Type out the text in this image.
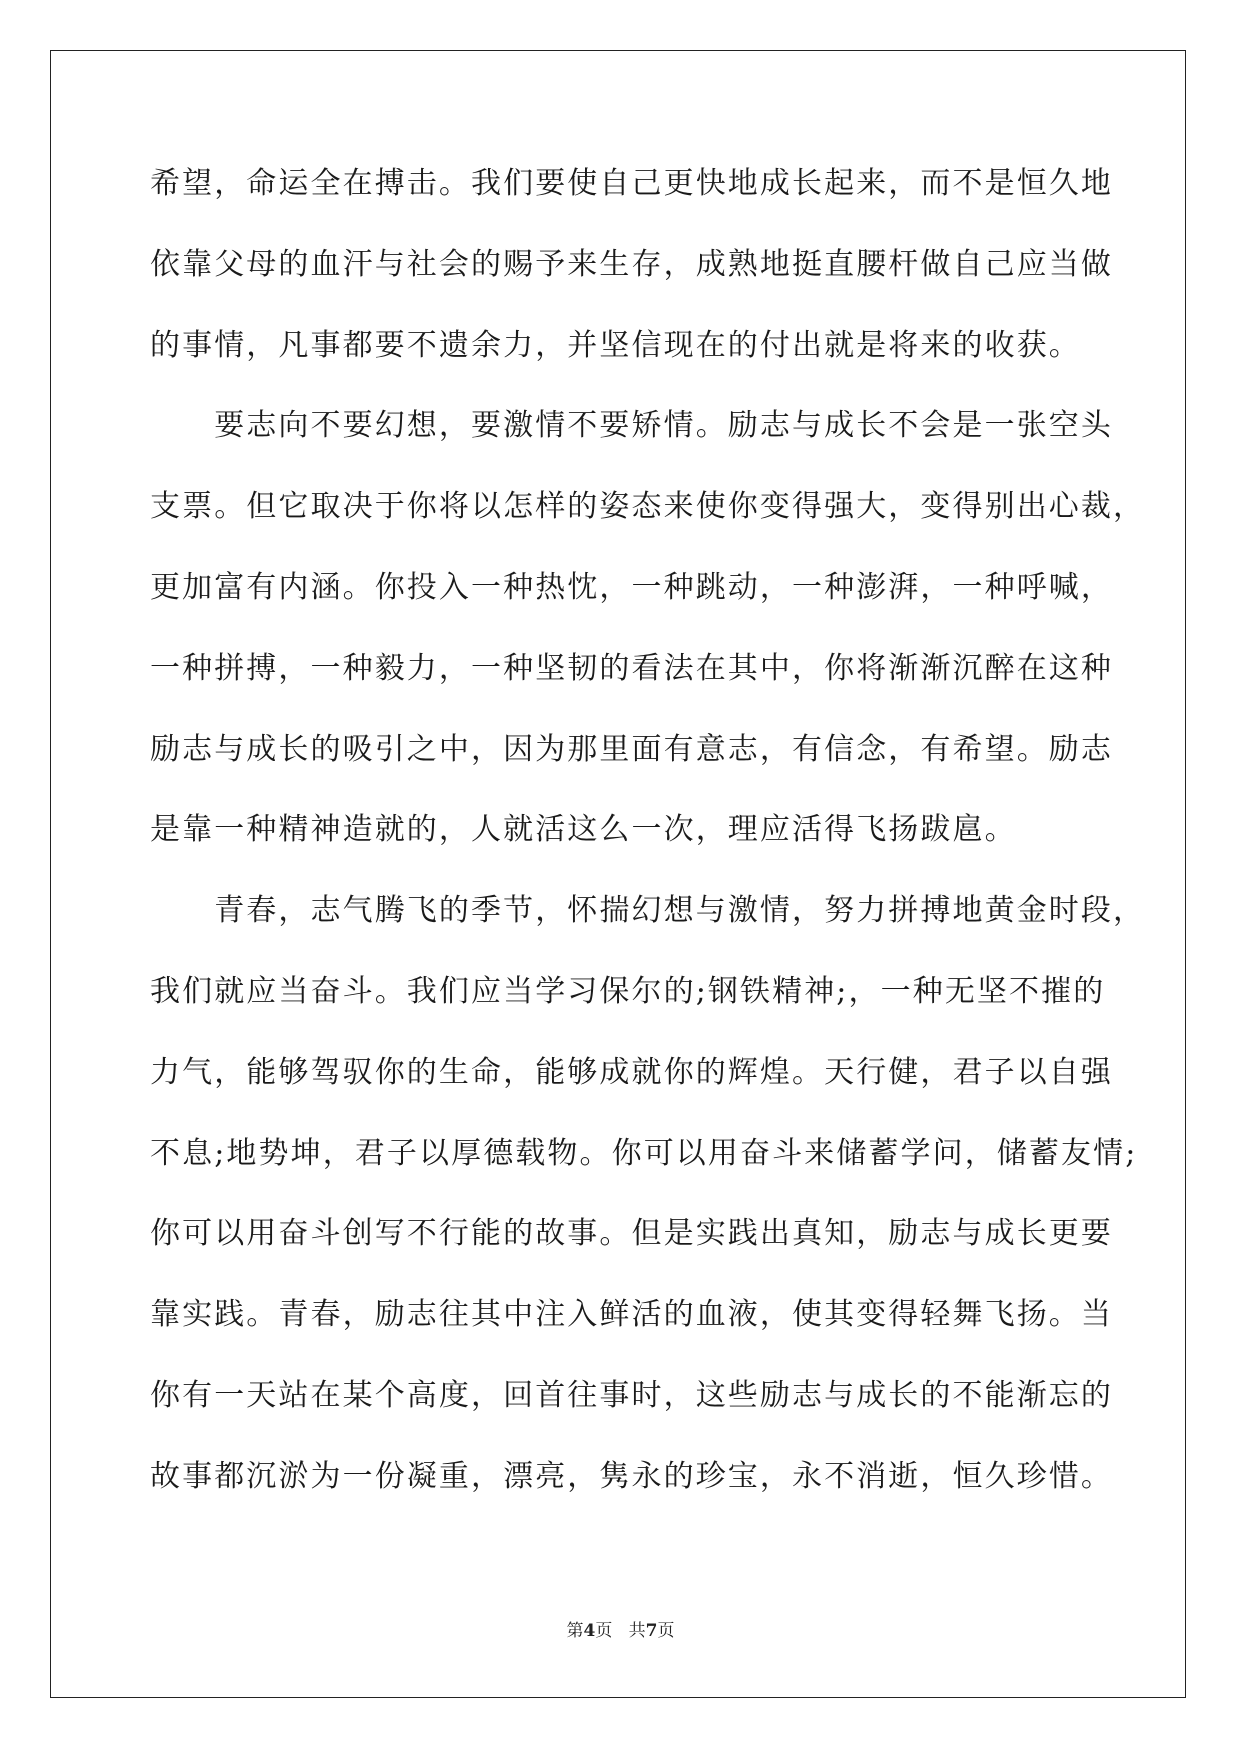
希望，命运全在搏击。我们要使自己更快地成长起来，而不是恒久地
依靠父母的血汗与社会的赐予来生存，成熟地挺直腰杆做自己应当做
的事情，凡事都要不遗余力，并坚信现在的付出就是将来的收获。
　　要志向不要幻想，要激情不要矫情。励志与成长不会是一张空头
支票。但它取决于你将以怎样的姿态来使你变得强大，变得别出心裁，
更加富有内涵。你投入一种热忱，一种跳动，一种澎湃，一种呼喊，
一种拼搏，一种毅力，一种坚韧的看法在其中，你将渐渐沉醉在这种
励志与成长的吸引之中，因为那里面有意志，有信念，有希望。励志
是靠一种精神造就的，人就活这么一次，理应活得飞扬跋扈。
　　青春，志气腾飞的季节，怀揣幻想与激情，努力拼搏地黄金时段，
我们就应当奋斗。我们应当学习保尔的;钢铁精神;，一种无坚不摧的
力气，能够驾驭你的生命，能够成就你的辉煌。天行健，君子以自强
不息;地势坤，君子以厚德载物。你可以用奋斗来储蓄学问，储蓄友情;
你可以用奋斗创写不行能的故事。但是实践出真知，励志与成长更要
靠实践。青春，励志往其中注入鲜活的血液，使其变得轻舞飞扬。当
你有一天站在某个高度，回首往事时，这些励志与成长的不能渐忘的
故事都沉淤为一份凝重，漂亮，隽永的珍宝，永不消逝，恒久珍惜。
第4页 共7页
